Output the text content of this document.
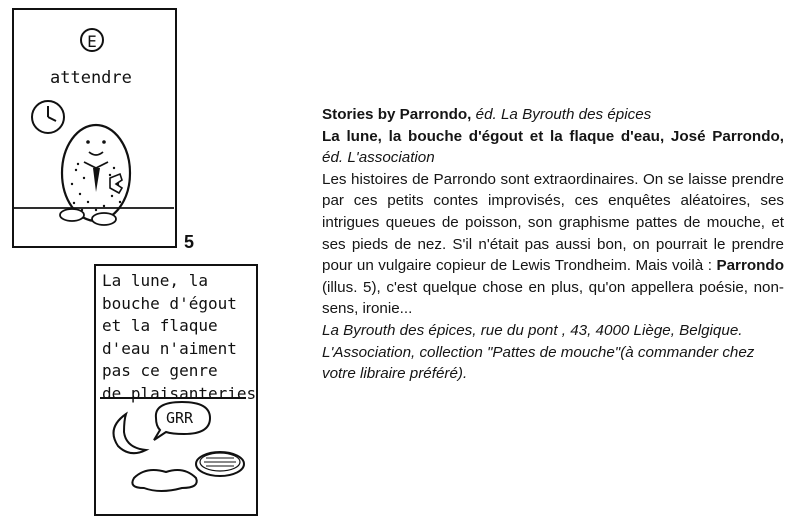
E
attendre
5
La lune, la
bouche d'égout
et la flaque
d'eau n'aiment
pas ce genre
de plaisanteries
GRR

Stories by Parrondo, éd. La Byrouth des épices

La lune, la bouche d'égout et la flaque d'eau, José Parrondo, éd. L'association

Les histoires de Parrondo sont extraordinaires. On se laisse prendre par ces petits contes improvisés, ces enquêtes aléatoires, ses intrigues queues de poisson, son graphisme pattes de mouche, et ses pieds de nez. S'il n'était pas aussi bon, on pourrait le prendre pour un vulgaire copieur de Lewis Trondheim. Mais voilà : Parrondo (illus. 5), c'est quelque chose en plus, qu'on appellera poésie, non-sens, ironie...

La Byrouth des épices, rue du pont , 43, 4000 Liège, Belgique.

L'Association, collection "Pattes de mouche"(à commander chez votre libraire préféré).
